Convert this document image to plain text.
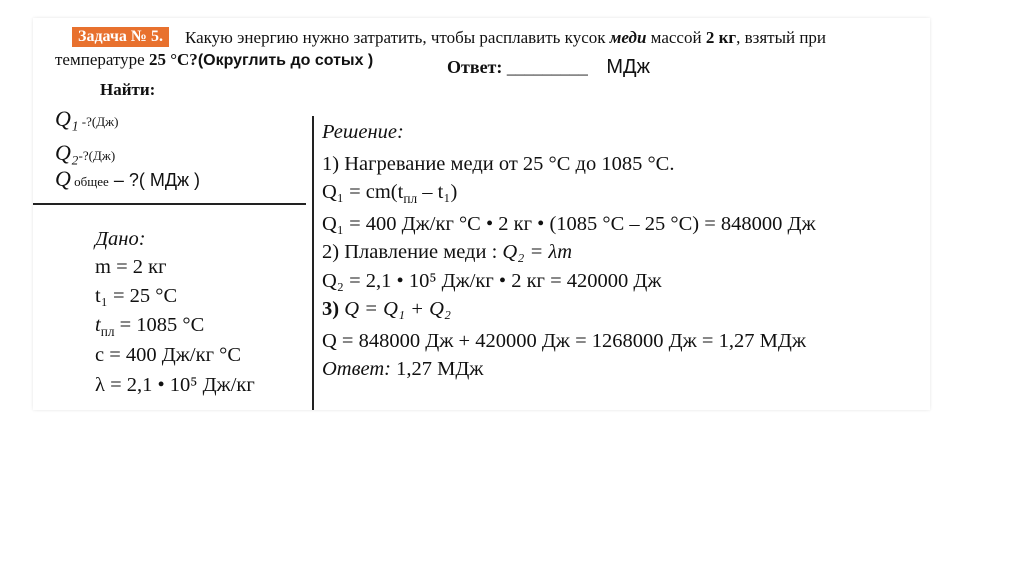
Задача № 5.	Какую энергию нужно затратить, чтобы расплавить кусок меди массой 2 кг, взятый при
температуре 25 °С?(Округлить до сотых )	Ответ: _________ МДж
Найти:
Q₁ -?(Дж)
Q₂-?(Дж)
Q общее – ?( МДж )
Дано:
m = 2 кг
t₁ = 25 °С
$t_{пл} = 1085$ °С
c = 400 Дж/кг °С
λ = 2,1 • 10⁵ Дж/кг
Решение:
1) Нагревание меди от 25 °С до 1085 °С.
$Q_1 = cm(t_{пл} - t_1)$
Q₁ = 400 Дж/кг °С • 2 кг • (1085 °С – 25 °С) = 848000 Дж
2) Плавление меди : Q₂ = λm
Q₂ = 2,1 • 10⁵ Дж/кг • 2 кг = 420000 Дж
3) Q = Q₁ + Q₂
Q = 848000 Дж + 420000 Дж = 1268000 Дж = 1,27 МДж
Ответ: 1,27 МДж
